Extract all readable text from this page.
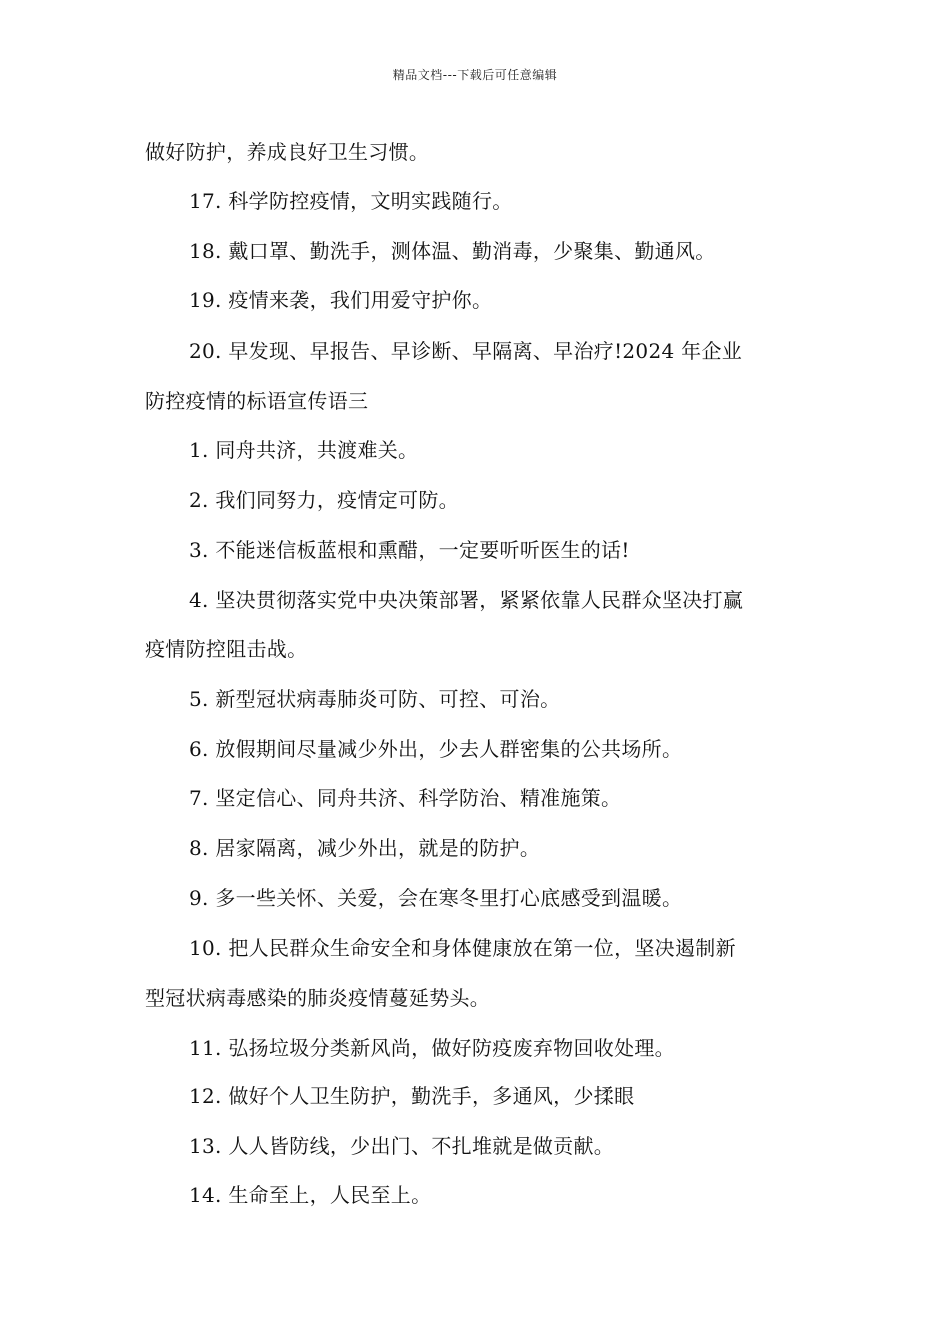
精品文档---下载后可任意编辑
做好防护，养成良好卫生习惯。
17. 科学防控疫情，文明实践随行。
18. 戴口罩、勤洗手，测体温、勤消毒，少聚集、勤通风。
19. 疫情来袭，我们用爱守护你。
20. 早发现、早报告、早诊断、早隔离、早治疗!2024 年企业
防控疫情的标语宣传语三
1. 同舟共济，共渡难关。
2. 我们同努力，疫情定可防。
3. 不能迷信板蓝根和熏醋，一定要听听医生的话!
4. 坚决贯彻落实党中央决策部署，紧紧依靠人民群众坚决打赢
疫情防控阻击战。
5. 新型冠状病毒肺炎可防、可控、可治。
6. 放假期间尽量减少外出，少去人群密集的公共场所。
7. 坚定信心、同舟共济、科学防治、精准施策。
8. 居家隔离，减少外出，就是的防护。
9. 多一些关怀、关爱，会在寒冬里打心底感受到温暖。
10. 把人民群众生命安全和身体健康放在第一位，坚决遏制新
型冠状病毒感染的肺炎疫情蔓延势头。
11. 弘扬垃圾分类新风尚，做好防疫废弃物回收处理。
12. 做好个人卫生防护，勤洗手，多通风，少揉眼
13. 人人皆防线，少出门、不扎堆就是做贡献。
14. 生命至上，人民至上。
